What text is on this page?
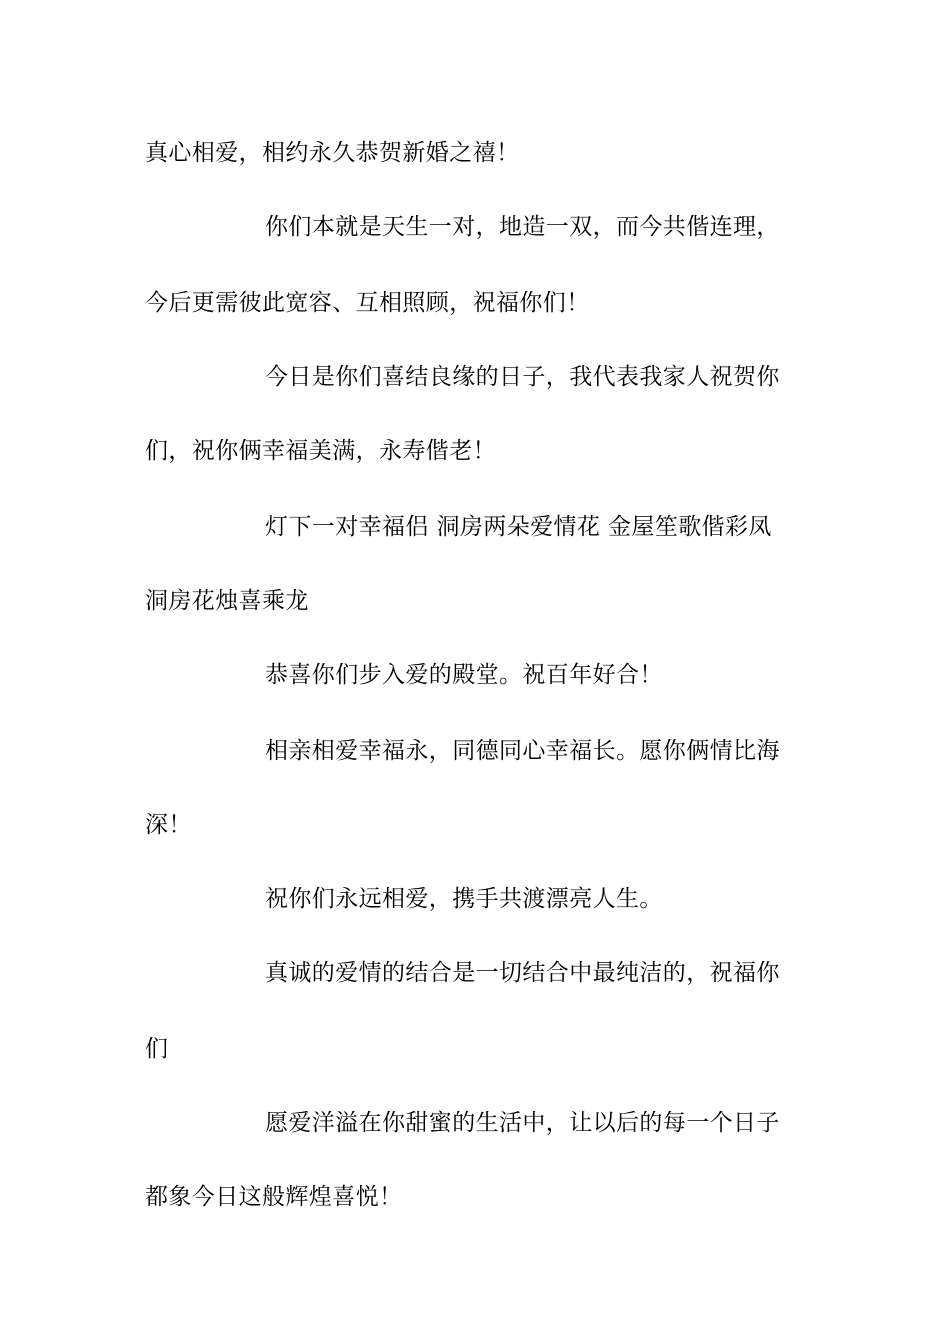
真心相爱，相约永久恭贺新婚之禧！
你们本就是天生一对，地造一双，而今共偕连理，
今后更需彼此宽容、互相照顾，祝福你们！
今日是你们喜结良缘的日子，我代表我家人祝贺你
们，祝你俩幸福美满，永寿偕老！
灯下一对幸福侣 洞房两朵爱情花 金屋笙歌偕彩凤
洞房花烛喜乘龙
恭喜你们步入爱的殿堂。祝百年好合！
相亲相爱幸福永，同德同心幸福长。愿你俩情比海
深！
祝你们永远相爱，携手共渡漂亮人生。
真诚的爱情的结合是一切结合中最纯洁的，祝福你
们
愿爱洋溢在你甜蜜的生活中，让以后的每一个日子
都象今日这般辉煌喜悦！
